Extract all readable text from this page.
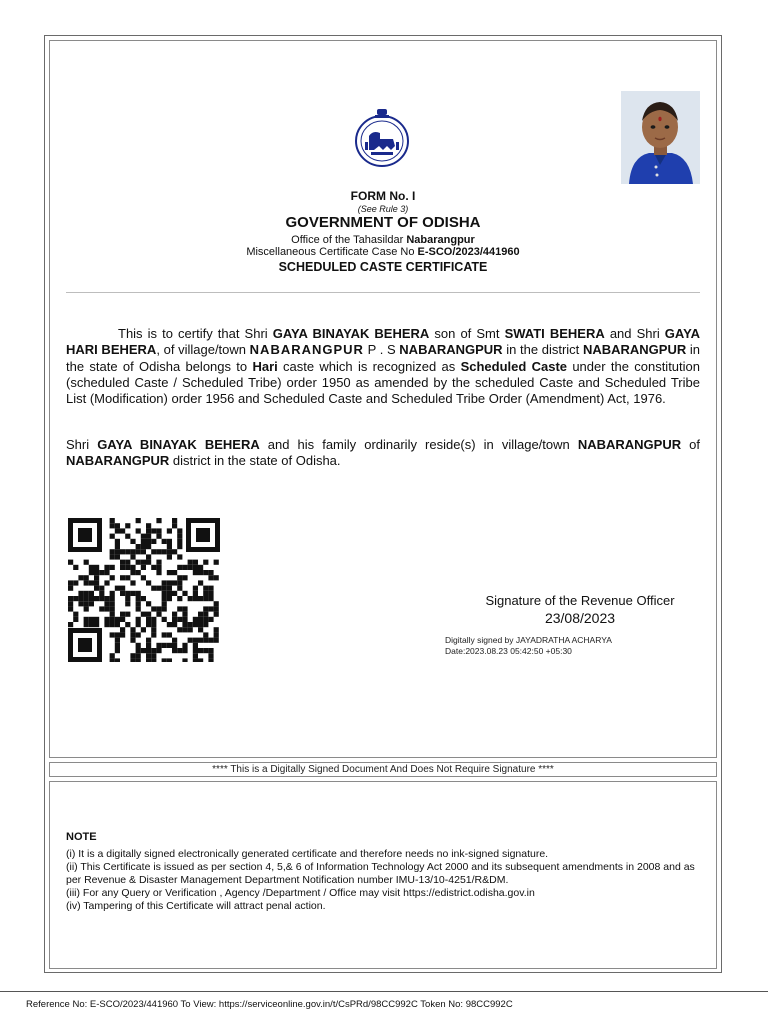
FORM No. I
(See Rule 3)
GOVERNMENT OF ODISHA
Office of the Tahasildar Nabarangpur
Miscellaneous Certificate Case No E-SCO/2023/441960
SCHEDULED CASTE CERTIFICATE
This is to certify that Shri GAYA BINAYAK BEHERA son of Smt SWATI BEHERA and Shri GAYA HARI BEHERA, of village/town NABARANGPUR P . S NABARANGPUR in the district NABARANGPUR in the state of Odisha belongs to Hari caste which is recognized as Scheduled Caste under the constitution (scheduled Caste / Scheduled Tribe) order 1950 as amended by the scheduled Caste and Scheduled Tribe List (Modification) order 1956 and Scheduled Caste and Scheduled Tribe Order (Amendment) Act, 1976.
Shri GAYA BINAYAK BEHERA and his family ordinarily reside(s) in village/town NABARANGPUR of NABARANGPUR district in the state of Odisha.
Signature of the Revenue Officer
23/08/2023
Digitally signed by JAYADRATHA ACHARYA
Date:2023.08.23 05:42:50 +05:30
**** This is a Digitally Signed Document And Does Not Require Signature ****
NOTE
(i) It is a digitally signed electronically generated certificate and therefore needs no ink-signed signature.
(ii) This Certificate is issued as per section 4, 5,& 6 of Information Technology Act 2000 and its subsequent amendments in 2008 and as per Revenue & Disaster Management Department Notification number IMU-13/10-4251/R&DM.
(iii) For any Query or Verification , Agency /Department / Office may visit https://edistrict.odisha.gov.in
(iv) Tampering of this Certificate will attract penal action.
Reference No: E-SCO/2023/441960 To View: https://serviceonline.gov.in/t/CsPRd/98CC992C Token No: 98CC992C
